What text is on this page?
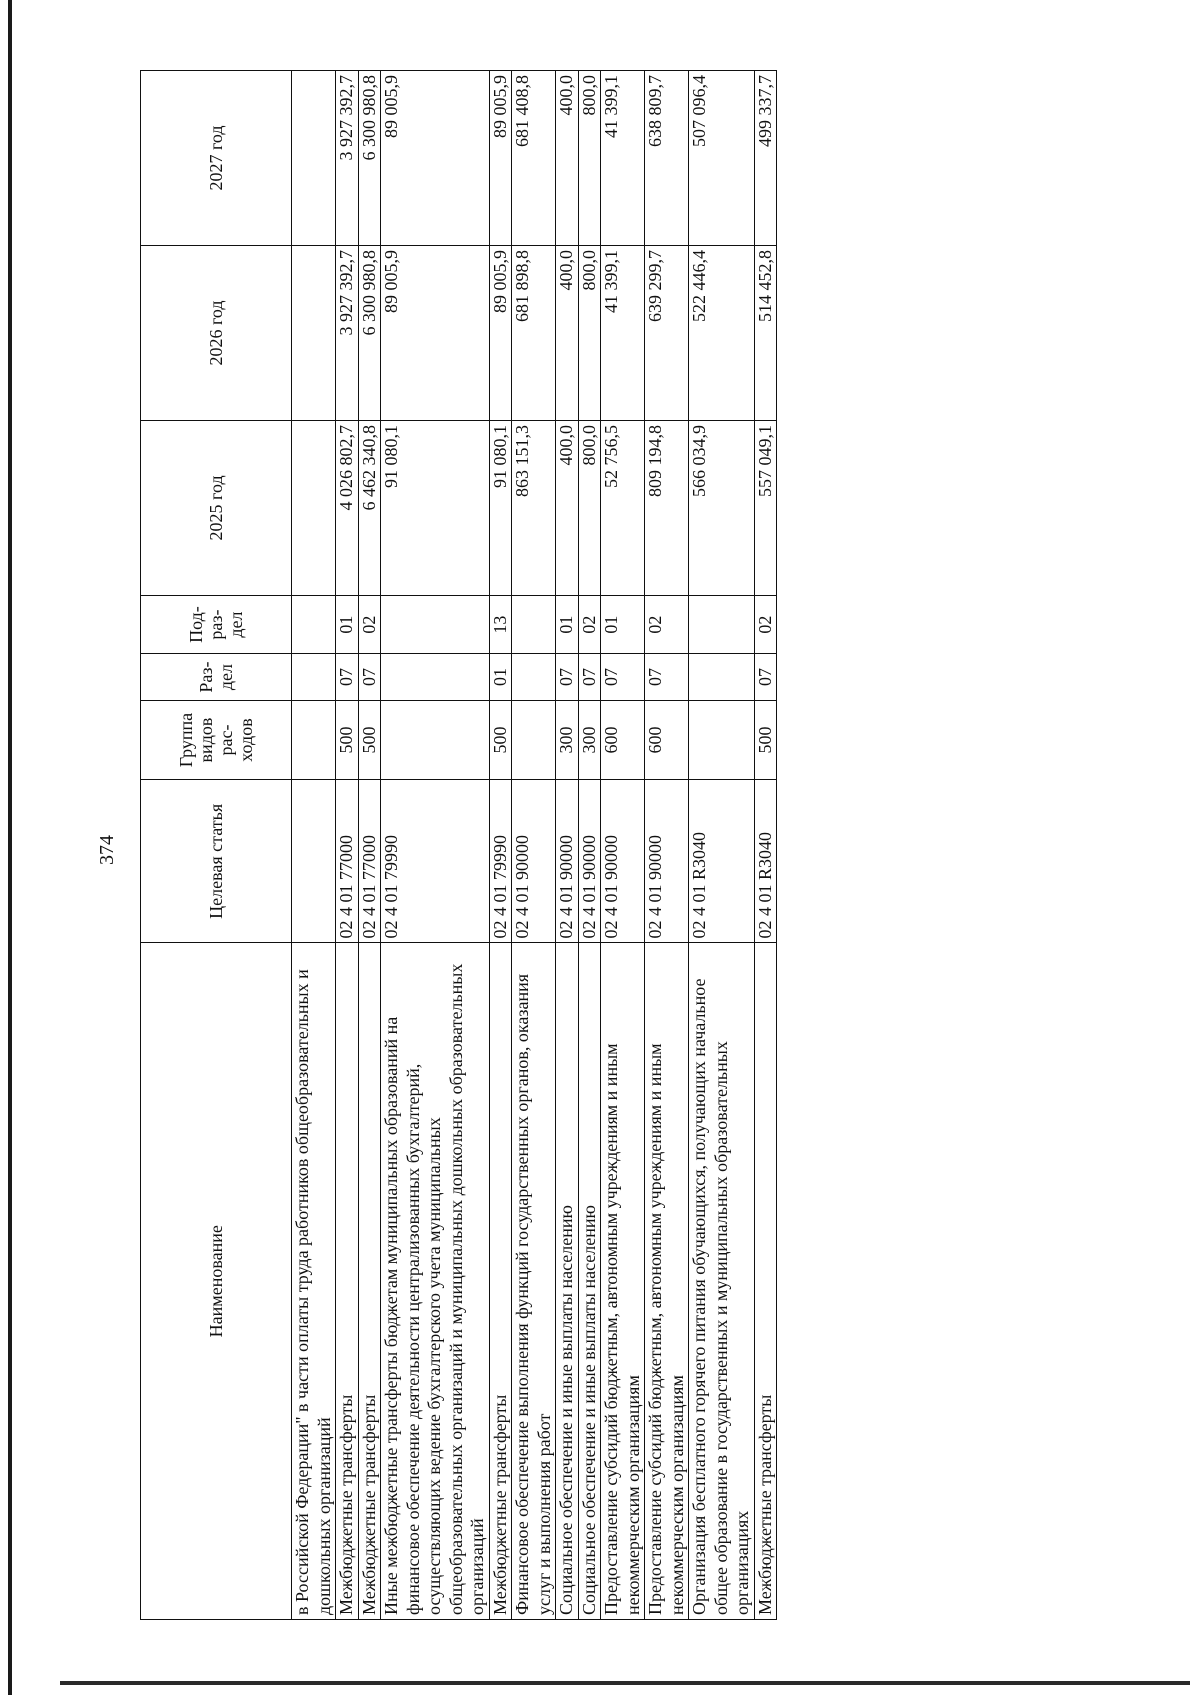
374
Наименование	Целевая статья	Группа видов рас-ходов	Раз-дел	Под-раз-дел	2025 год	2026 год	2027 год
в Российской Федерации" в части оплаты труда работников общеобразовательных и дошкольных организаций							
Межбюджетные трансферты	02 4 01 77000	500	07	01	4 026 802,7	3 927 392,7	3 927 392,7
Межбюджетные трансферты	02 4 01 77000	500	07	02	6 462 340,8	6 300 980,8	6 300 980,8
Иные межбюджетные трансферты бюджетам муниципальных образований на финансовое обеспечение деятельности централизованных бухгалтерий, осуществляющих ведение бухгалтерского учета муниципальных общеобразовательных организаций и муниципальных дошкольных образовательных организаций	02 4 01 79990				91 080,1	89 005,9	89 005,9
Межбюджетные трансферты	02 4 01 79990	500	01	13	91 080,1	89 005,9	89 005,9
Финансовое обеспечение выполнения функций государственных органов, оказания услуг и выполнения работ	02 4 01 90000				863 151,3	681 898,8	681 408,8
Социальное обеспечение и иные выплаты населению	02 4 01 90000	300	07	01	400,0	400,0	400,0
Социальное обеспечение и иные выплаты населению	02 4 01 90000	300	07	02	800,0	800,0	800,0
Предоставление субсидий бюджетным, автономным учреждениям и иным некоммерческим организациям	02 4 01 90000	600	07	01	52 756,5	41 399,1	41 399,1
Предоставление субсидий бюджетным, автономным учреждениям и иным некоммерческим организациям	02 4 01 90000	600	07	02	809 194,8	639 299,7	638 809,7
Организация бесплатного горячего питания обучающихся, получающих начальное общее образование в государственных и муниципальных образовательных организациях	02 4 01 R3040				566 034,9	522 446,4	507 096,4
Межбюджетные трансферты	02 4 01 R3040	500	07	02	557 049,1	514 452,8	499 337,7
